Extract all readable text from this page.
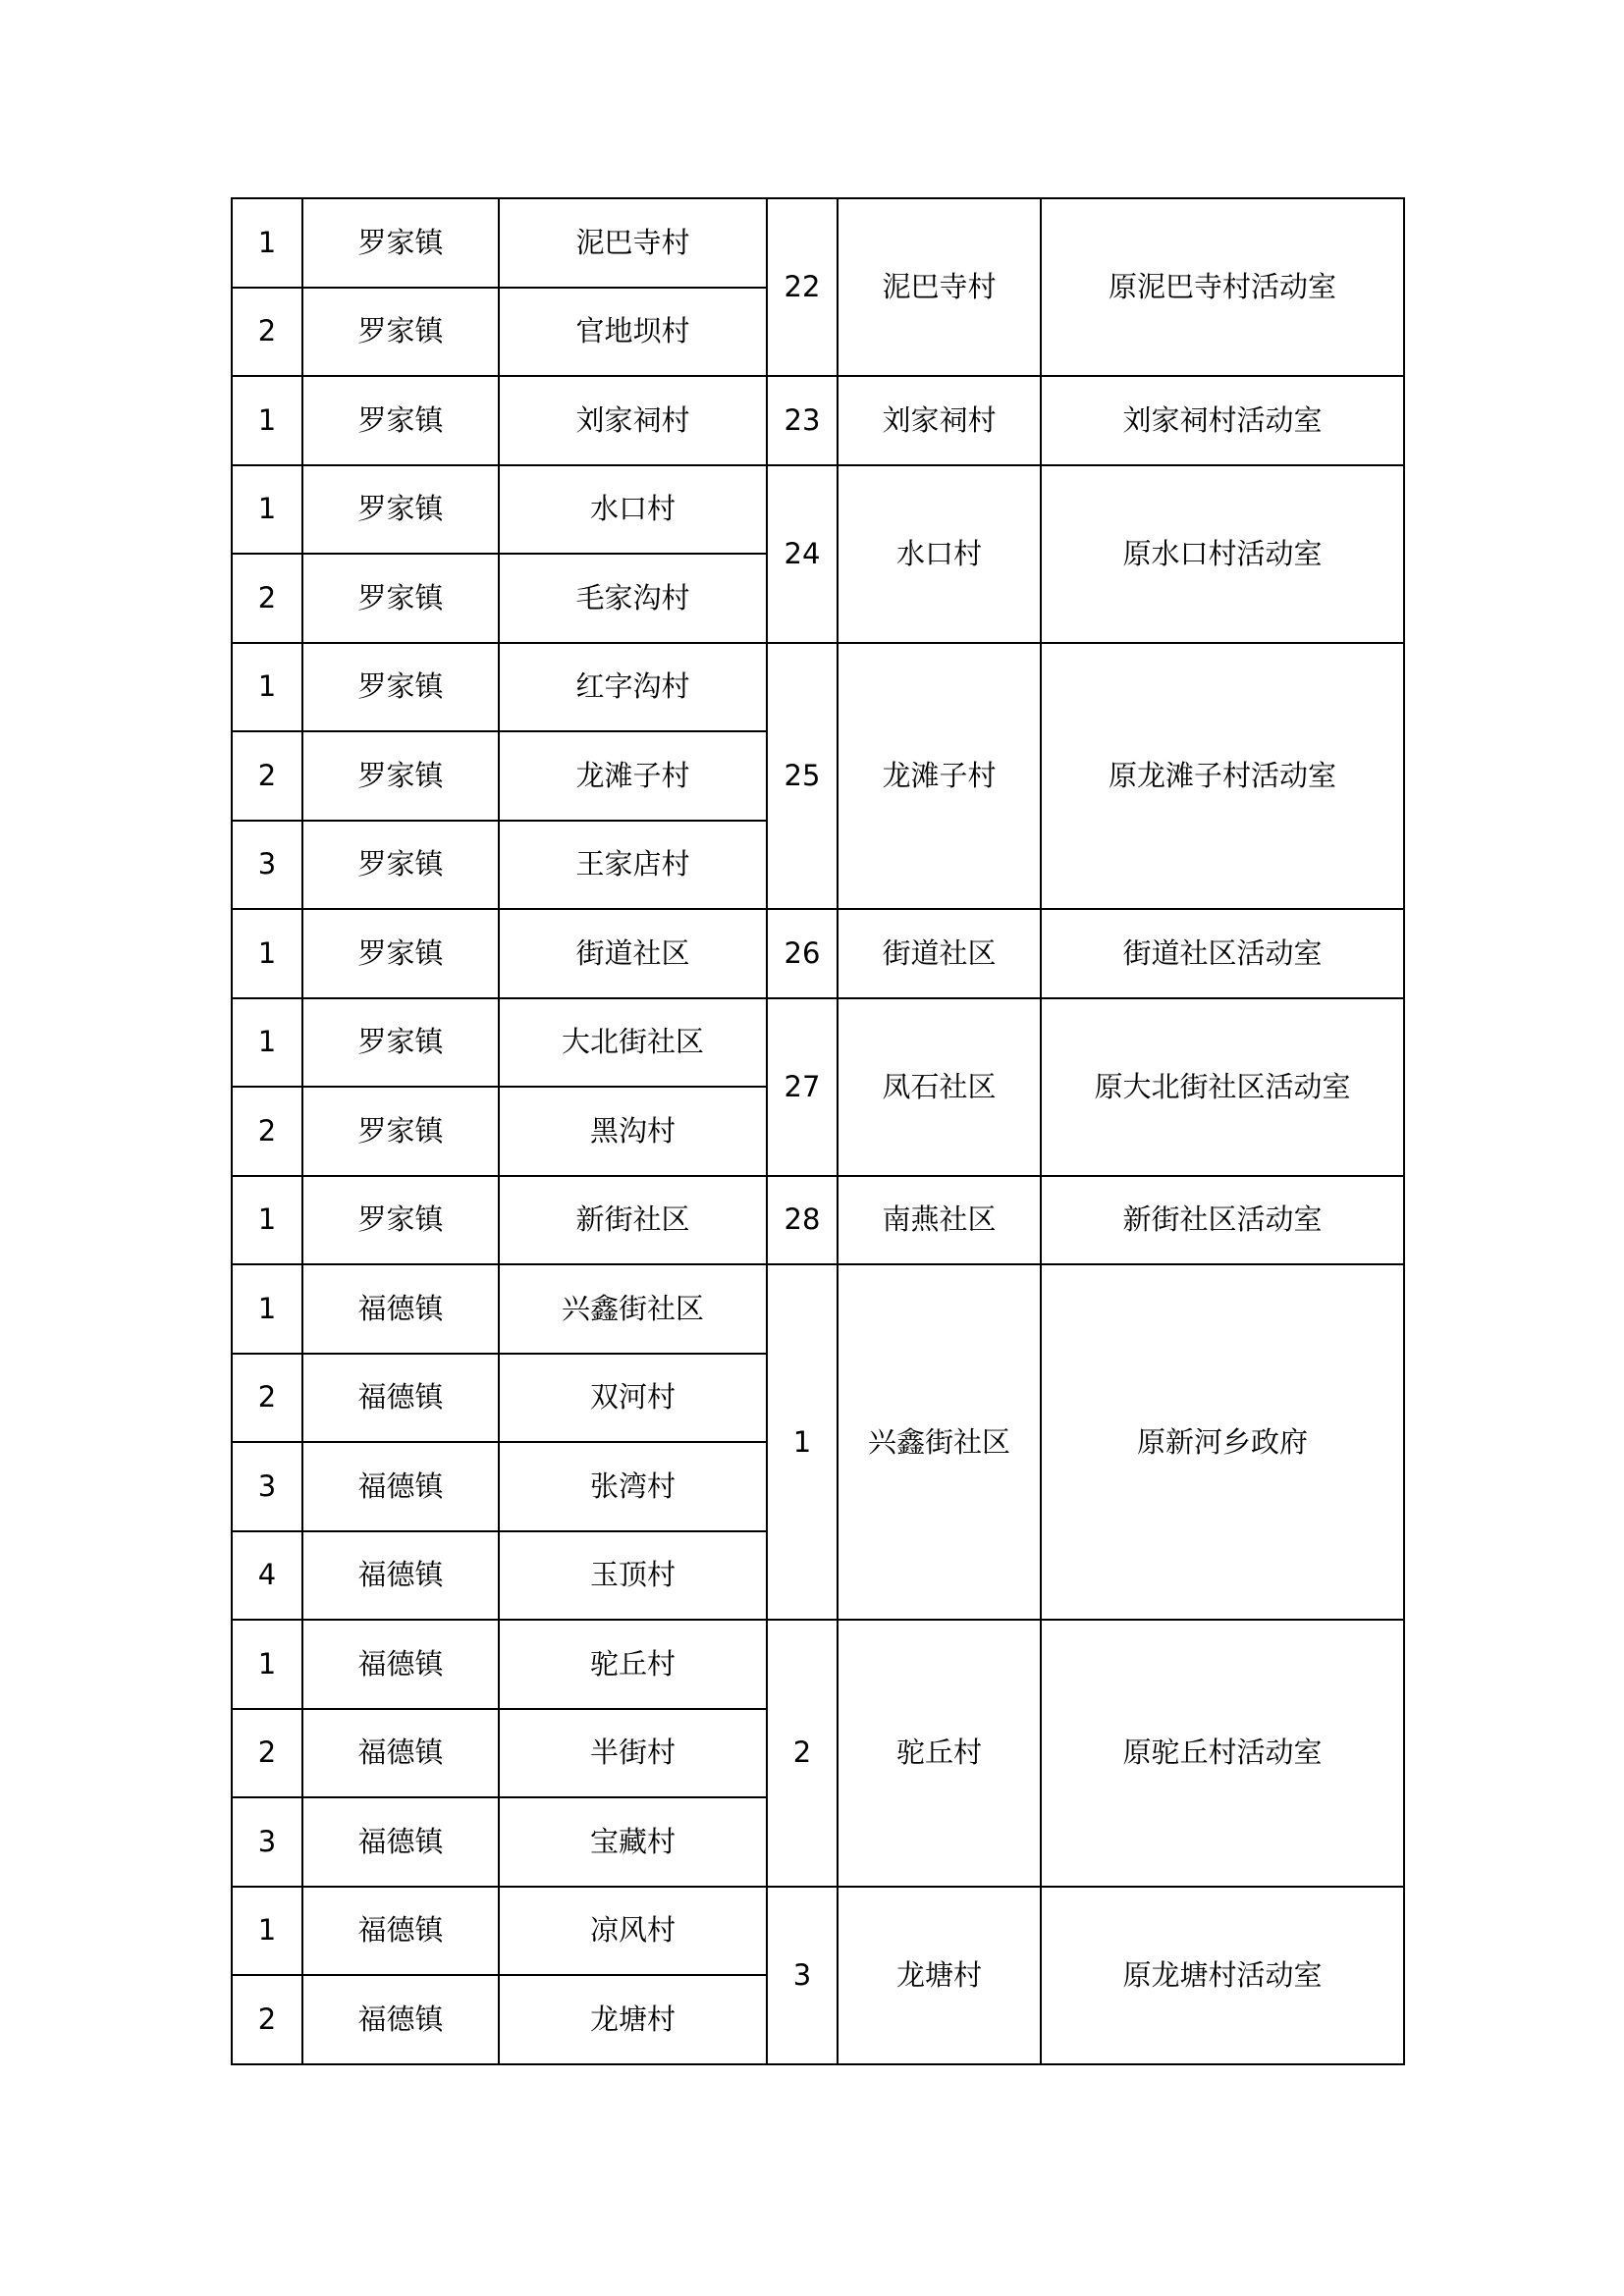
1	罗家镇	泥巴寺村	22	泥巴寺村	原泥巴寺村活动室
2	罗家镇	官地坝村			
1	罗家镇	刘家祠村	23	刘家祠村	刘家祠村活动室
1	罗家镇	水口村	24	水口村	原水口村活动室
2	罗家镇	毛家沟村			
1	罗家镇	红字沟村	25	龙滩子村	原龙滩子村活动室
2	罗家镇	龙滩子村			
3	罗家镇	王家店村			
1	罗家镇	街道社区	26	街道社区	街道社区活动室
1	罗家镇	大北街社区	27	凤石社区	原大北街社区活动室
2	罗家镇	黑沟村			
1	罗家镇	新街社区	28	南燕社区	新街社区活动室
1	福德镇	兴鑫街社区	1	兴鑫街社区	原新河乡政府
2	福德镇	双河村			
3	福德镇	张湾村			
4	福德镇	玉顶村			
1	福德镇	驼丘村	2	驼丘村	原驼丘村活动室
2	福德镇	半街村			
3	福德镇	宝藏村			
1	福德镇	凉风村	3	龙塘村	原龙塘村活动室
2	福德镇	龙塘村			
